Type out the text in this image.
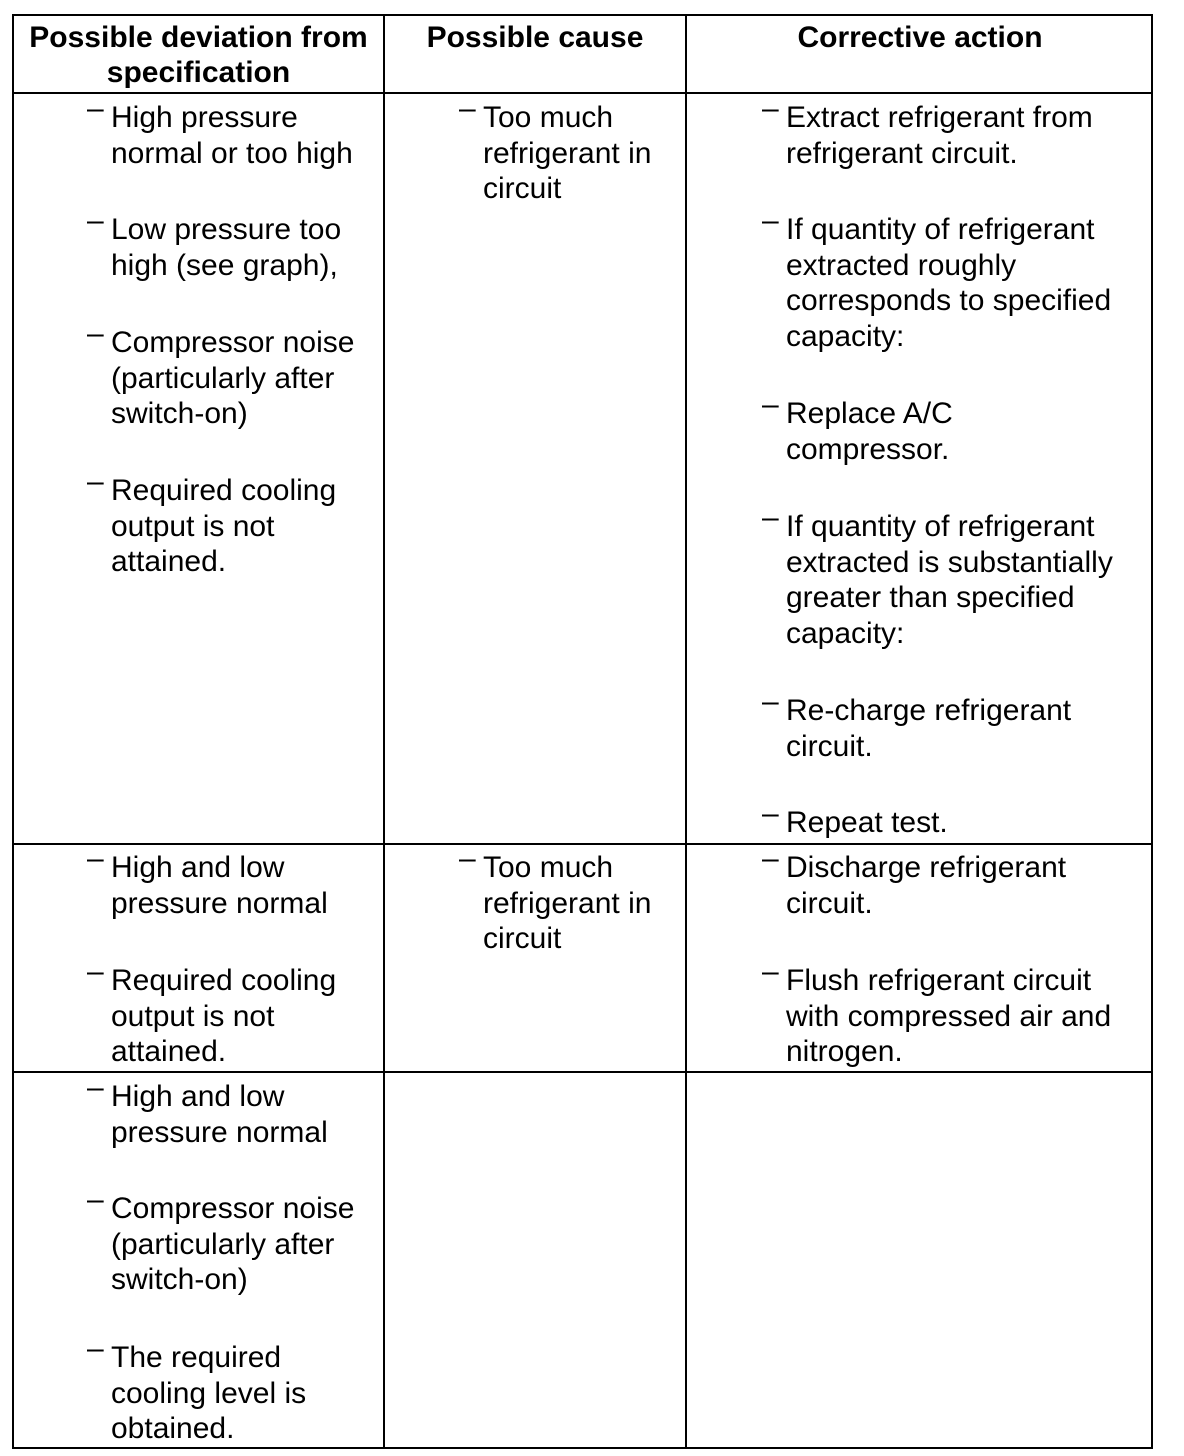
Possible deviation from specification
Possible cause	Corrective action
– High pressure
normal or too high
– Low pressure too
high (see graph),
– Compressor noise
(particularly after
switch-on)
– Required cooling
output is not
attained.
– Too much
refrigerant in
circuit
– Extract refrigerant from
refrigerant circuit.
– If quantity of refrigerant
extracted roughly
corresponds to specified
capacity:
– Replace A/C
compressor.
– If quantity of refrigerant
extracted is substantially
greater than specified
capacity:
– Re-charge refrigerant
circuit.
– Repeat test.
– High and low
pressure normal
– Required cooling
output is not
attained.
– Too much
refrigerant in
circuit
– Discharge refrigerant
circuit.
– Flush refrigerant circuit
with compressed air and
nitrogen.
– High and low
pressure normal
– Compressor noise
(particularly after
switch-on)
– The required
cooling level is
obtained.
